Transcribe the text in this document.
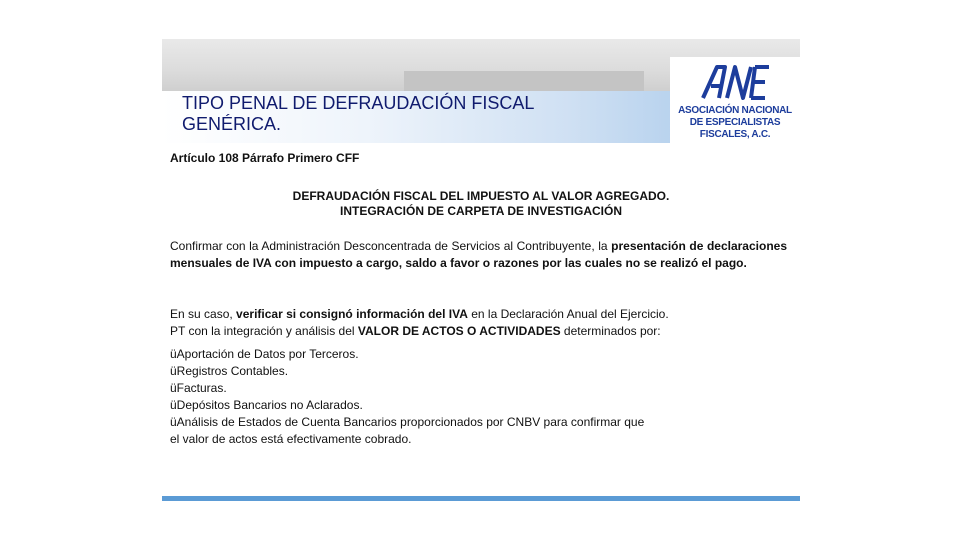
TIPO PENAL DE DEFRAUDACIÓN FISCAL
GENÉRICA.
ASOCIACIÓN NACIONAL
DE ESPECIALISTAS
FISCALES, A.C.
Artículo 108 Párrafo Primero CFF
DEFRAUDACIÓN FISCAL DEL IMPUESTO AL VALOR AGREGADO.
INTEGRACIÓN DE CARPETA DE INVESTIGACIÓN
Confirmar con la Administración Desconcentrada de Servicios al Contribuyente, la presentación de declaraciones mensuales de IVA con impuesto a cargo, saldo a favor o razones por las cuales no se realizó el pago.
En su caso, verificar si consignó información del IVA en la Declaración Anual del Ejercicio.
PT con la integración y análisis del VALOR DE ACTOS O ACTIVIDADES determinados por:
üAportación de Datos por Terceros.
üRegistros Contables.
üFacturas.
üDepósitos Bancarios no Aclarados.
üAnálisis de Estados de Cuenta Bancarios proporcionados por CNBV para confirmar que
el valor de actos está efectivamente cobrado.
